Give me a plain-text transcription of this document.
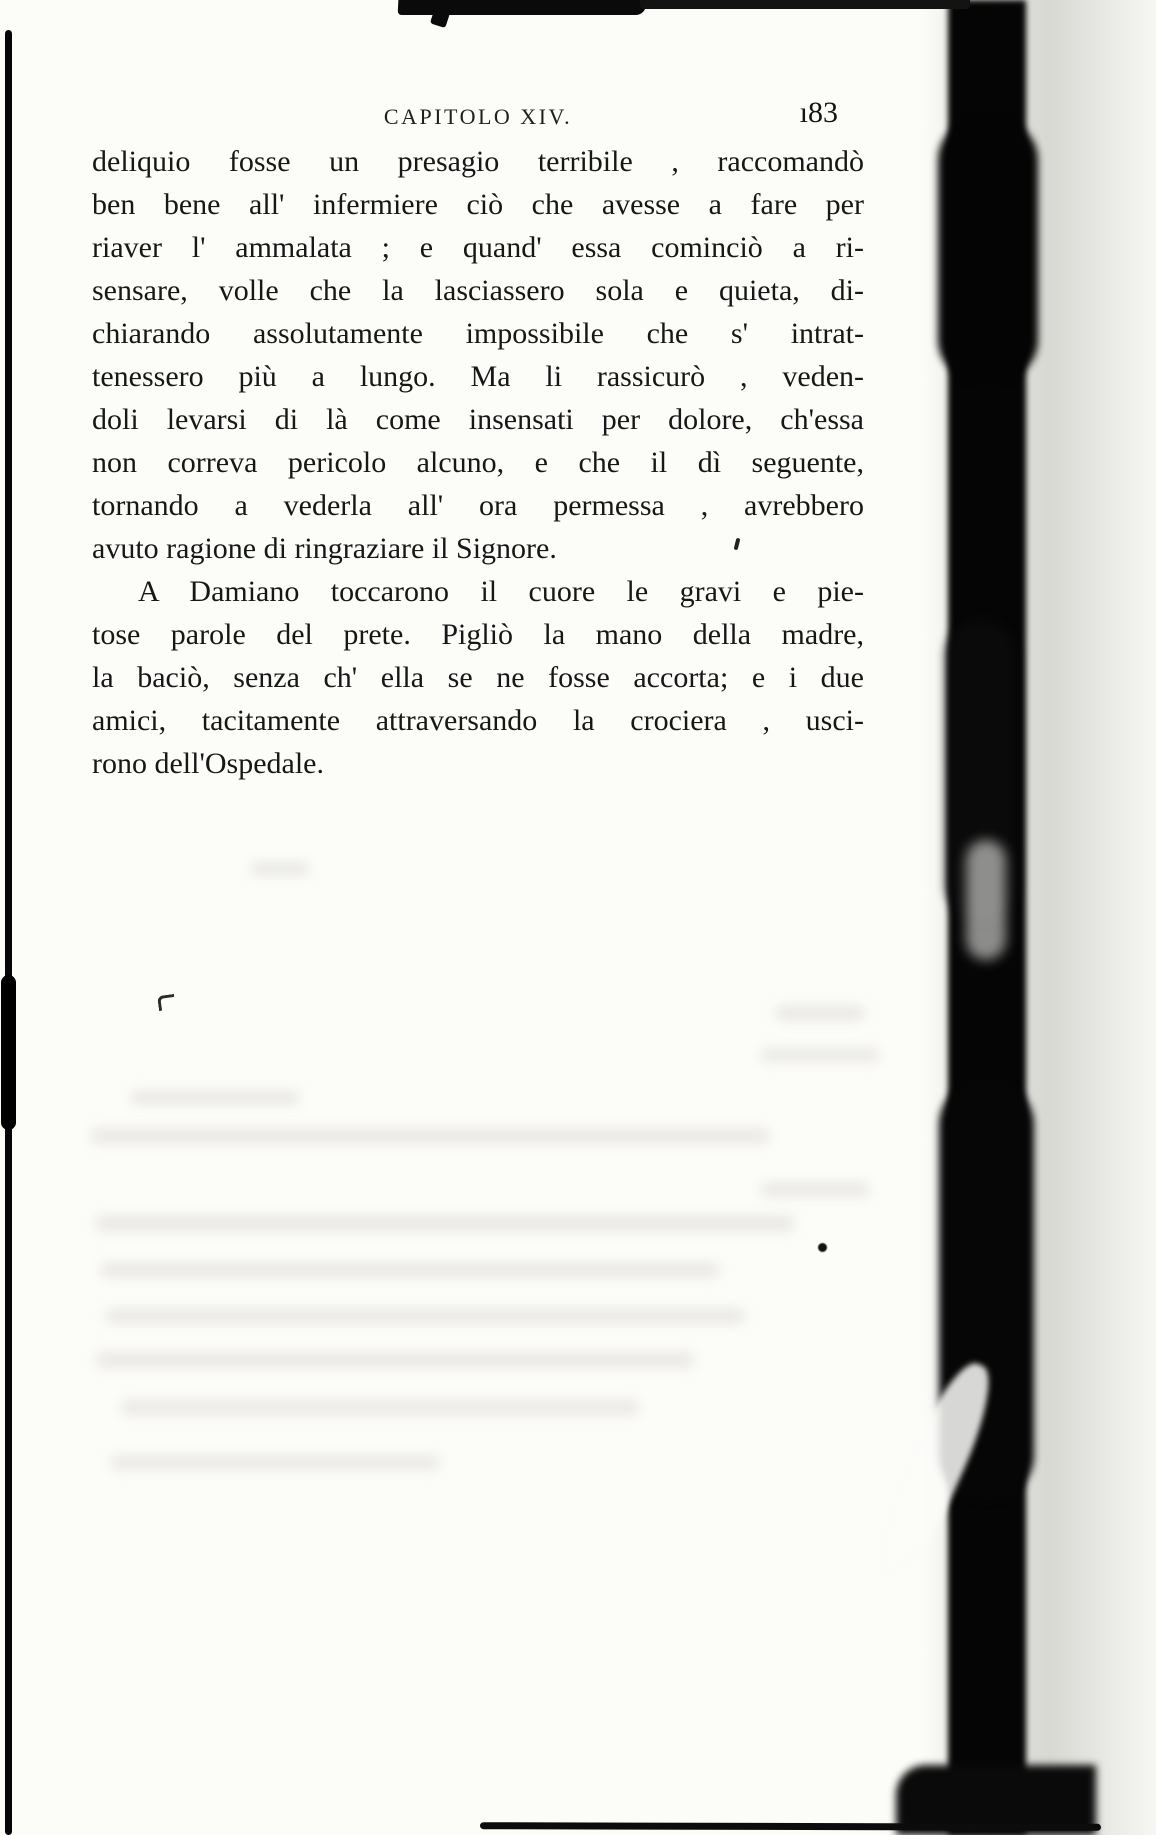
CAPITOLO XIV.	ı83
deliquio fosse un presagio terribile , raccomandò
ben bene all' infermiere ciò che avesse a fare per
riaver l' ammalata ; e quand' essa cominciò a ri-
sensare, volle che la lasciassero sola e quieta, di-
chiarando assolutamente impossibile che s' intrat-
tenessero più a lungo. Ma li rassicurò , veden-
doli levarsi di là come insensati per dolore, ch'essa
non correva pericolo alcuno, e che il dì seguente,
tornando a vederla all' ora permessa , avrebbero
avuto ragione di ringraziare il Signore.
A Damiano toccarono il cuore le gravi e pie-
tose parole del prete. Pigliò la mano della madre,
la baciò, senza ch' ella se ne fosse accorta; e i due
amici, tacitamente attraversando la crociera , usci-
rono dell'Ospedale.
